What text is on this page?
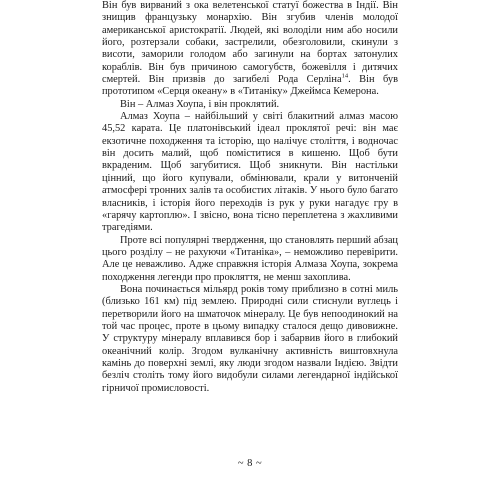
Він був вирваний з ока велетенської статуї божества в Індії. Він знищив французьку монархію. Він згубив членів молодої американської аристократії. Людей, які володіли ним або носили його, розтерзали собаки, застрелили, обезголовили, скинули з висоти, заморили голодом або загинули на бортах затонулих кораблів. Він був причиною самогубств, божевілля і дитячих смертей. Він призвів до загибелі Рода Серліна$^{14}$. Він був прототипом «Серця океану» в «Титаніку» Джеймса Кемерона.

Він – Алмаз Хоупа, і він проклятий.

Алмаз Хоупа – найбільший у світі блакитний алмаз масою 45,52 карата. Це платонівський ідеал проклятої речі: він має екзотичне походження та історію, що налічує століття, і водночас він досить малий, щоб поміститися в кишеню. Щоб бути вкраденим. Щоб загубитися. Щоб зникнути. Він настільки цінний, що його купували, обмінювали, крали у витонченій атмосфері тронних залів та особистих літаків. У нього було багато власників, і історія його переходів із рук у руки нагадує гру в «гарячу картоплю». І звісно, вона тісно переплетена з жахливими трагедіями.

Проте всі популярні твердження, що становлять перший абзац цього розділу – не рахуючи «Титаніка», – неможливо перевірити. Але це неважливо. Адже справжня історія Алмаза Хоупа, зокрема походження легенди про прокляття, не менш захоплива.

Вона починається мільярд років тому приблизно в сотні миль (близько 161 км) під землею. Природні сили стиснули вуглець і перетворили його на шматочок мінералу. Це був непоодинокий на той час процес, проте в цьому випадку сталося дещо дивовижне. У структуру мінералу вплавився бор і забарвив його в глибокий океанічний колір. Згодом вулканічну активність виштовхнула камінь до поверхні землі, яку люди згодом назвали Індією. Звідти безліч століть тому його видобули силами легендарної індійської гірничої промисловості.

~ 8 ~
